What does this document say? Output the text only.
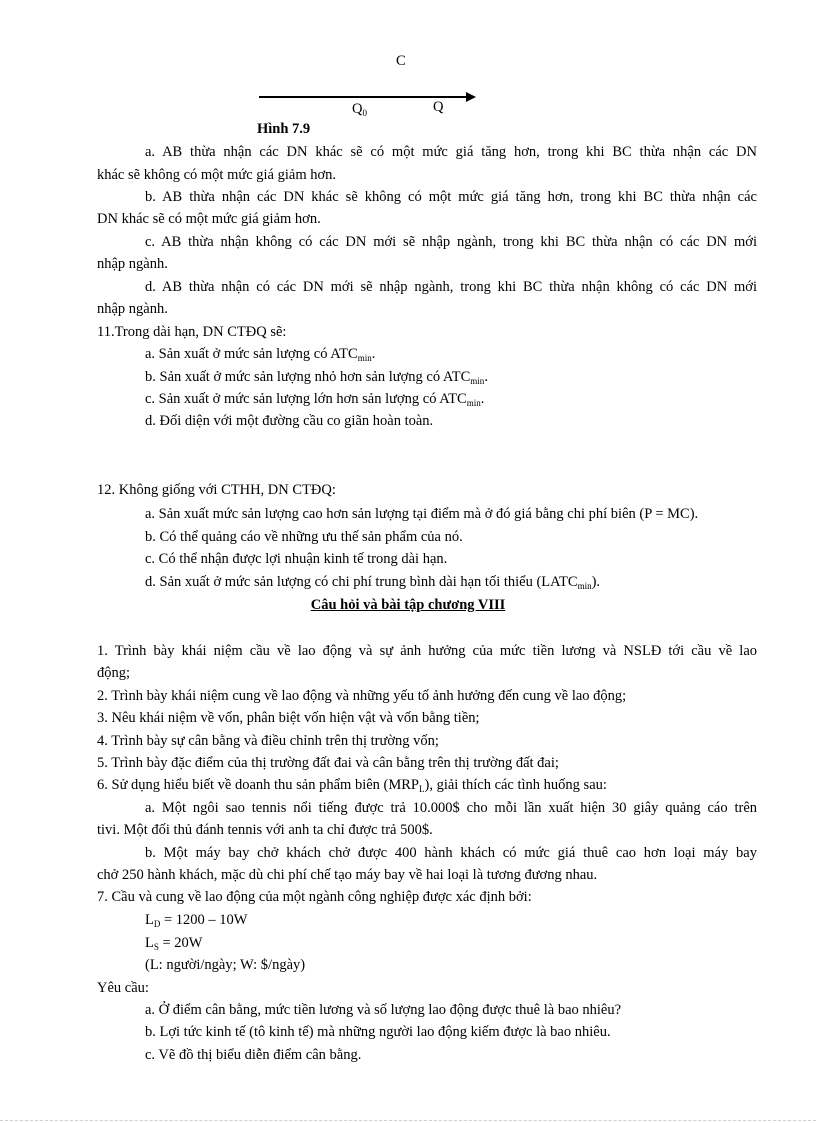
C
$Q_0$	Q
Hình 7.9
a. AB thừa nhận các DN khác sẽ có một mức giá tăng hơn, trong khi BC thừa nhận các DN
khác sẽ không có một mức giá giảm hơn.
b. AB thừa nhận các DN khác sẽ không có một mức giá tăng hơn, trong khi BC thừa nhận các
DN khác sẽ có một mức giá giảm hơn.
c. AB thừa nhận không có các DN mới sẽ nhập ngành, trong khi BC thừa nhận có các DN mới
nhập ngành.
d. AB thừa nhận có các DN mới sẽ nhập ngành, trong khi BC thừa nhận không có các DN mới
nhập ngành.
11.Trong dài hạn, DN CTĐQ sẽ:
a. Sản xuất ở mức sản lượng có $ATC_{min}$.
b. Sản xuất ở mức sản lượng nhỏ hơn sản lượng có $ATC_{min}$.
c. Sản xuất ở mức sản lượng lớn hơn sản lượng có $ATC_{min}$.
d. Đối diện với một đường cầu co giãn hoàn toàn.
12. Không giống với CTHH, DN CTĐQ:
a. Sản xuất mức sản lượng cao hơn sản lượng tại điểm mà ở đó giá bằng chi phí biên (P = MC).
b. Có thể quảng cáo về những ưu thế sản phẩm của nó.
c. Có thể nhận được lợi nhuận kinh tế trong dài hạn.
d. Sản xuất ở mức sản lượng có chi phí trung bình dài hạn tối thiểu $(LATC_{min})$.
Câu hỏi và bài tập chương VIII
1. Trình bày khái niệm cầu về lao động và sự ảnh hưởng của mức tiền lương và NSLĐ tới cầu về lao
động;
2. Trình bày khái niệm cung về lao động và những yếu tố ảnh hưởng đến cung về lao động;
3. Nêu khái niệm về vốn, phân biệt vốn hiện vật và vốn bằng tiền;
4. Trình bày sự cân bằng và điều chỉnh trên thị trường vốn;
5. Trình bày đặc điểm của thị trường đất đai và cân bằng trên thị trường đất đai;
6. Sử dụng hiểu biết về doanh thu sản phẩm biên $(MRP_L)$, giải thích các tình huống sau:
a. Một ngôi sao tennis nổi tiếng được trả 10.000$ cho mỗi lần xuất hiện 30 giây quảng cáo trên
tivi. Một đối thủ đánh tennis với anh ta chỉ được trả 500$.
b. Một máy bay chở khách chở được 400 hành khách có mức giá thuê cao hơn loại máy bay
chở 250 hành khách, mặc dù chi phí chế tạo máy bay về hai loại là tương đương nhau.
7. Cầu và cung về lao động của một ngành công nghiệp được xác định bởi:
$L_D = 1200 - 10W$
$L_S = 20W$
(L: người/ngày; W: $/ngày)
Yêu cầu:
a. Ở điểm cân bằng, mức tiền lương và số lượng lao động được thuê là bao nhiêu?
b. Lợi tức kinh tế (tô kinh tế) mà những người lao động kiếm được là bao nhiêu.
c. Vẽ đồ thị biểu diễn điểm cân bằng.
